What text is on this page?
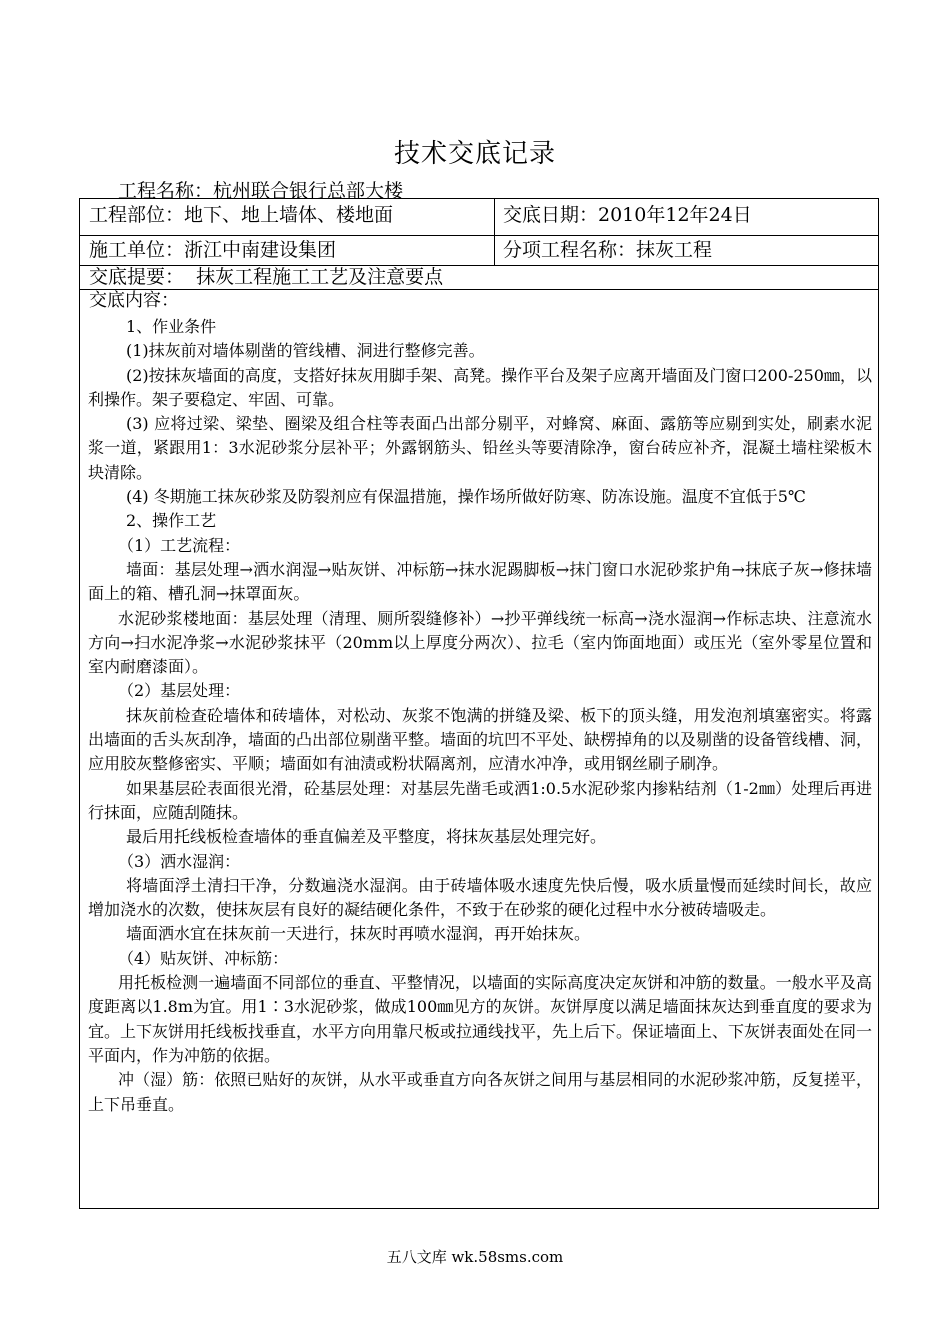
技术交底记录
工程名称：杭州联合银行总部大楼
工程部位：地下、地上墙体、楼地面	交底日期：2010年12年24日
施工单位：浙江中南建设集团	分项工程名称：抹灰工程
交底提要：  抹灰工程施工工艺及注意要点
交底内容：

1、作业条件

(1)抹灰前对墙体剔凿的管线槽、洞进行整修完善。

(2)按抹灰墙面的高度，支搭好抹灰用脚手架、高凳。操作平台及架子应离开墙面及门窗口200-250㎜，以利操作。架子要稳定、牢固、可靠。

(3) 应将过梁、梁垫、圈梁及组合柱等表面凸出部分剔平，对蜂窝、麻面、露筋等应剔到实处，刷素水泥浆一道，紧跟用1：3水泥砂浆分层补平；外露钢筋头、铅丝头等要清除净，窗台砖应补齐，混凝土墙柱梁板木块清除。

(4) 冬期施工抹灰砂浆及防裂剂应有保温措施，操作场所做好防寒、防冻设施。温度不宜低于5℃

2、操作工艺

（1）工艺流程：

墙面：基层处理→洒水润湿→贴灰饼、冲标筋→抹水泥踢脚板→抹门窗口水泥砂浆护角→抹底子灰→修抹墙面上的箱、槽孔洞→抹罩面灰。

水泥砂浆楼地面：基层处理（清理、厕所裂缝修补）→抄平弹线统一标高→浇水湿润→作标志块、注意流水方向→扫水泥净浆→水泥砂浆抹平（20mm以上厚度分两次）、拉毛（室内饰面地面）或压光（室外零星位置和室内耐磨漆面）。

（2）基层处理：

抹灰前检查砼墙体和砖墙体，对松动、灰浆不饱满的拼缝及梁、板下的顶头缝，用发泡剂填塞密实。将露出墙面的舌头灰刮净，墙面的凸出部位剔凿平整。墙面的坑凹不平处、缺楞掉角的以及剔凿的设备管线槽、洞，应用胶灰整修密实、平顺；墙面如有油渍或粉状隔离剂，应清水冲净，或用钢丝刷子刷净。

如果基层砼表面很光滑，砼基层处理：对基层先凿毛或洒1:0.5水泥砂浆内掺粘结剂（1-2㎜）处理后再进行抹面，应随刮随抹。

最后用托线板检查墙体的垂直偏差及平整度，将抹灰基层处理完好。

（3）洒水湿润：

将墙面浮土清扫干净，分数遍浇水湿润。由于砖墙体吸水速度先快后慢，吸水质量慢而延续时间长，故应增加浇水的次数，使抹灰层有良好的凝结硬化条件，不致于在砂浆的硬化过程中水分被砖墙吸走。

墙面洒水宜在抹灰前一天进行，抹灰时再喷水湿润，再开始抹灰。

（4）贴灰饼、冲标筋：

用托板检测一遍墙面不同部位的垂直、平整情况，以墙面的实际高度决定灰饼和冲筋的数量。一般水平及高度距离以1.8m为宜。用1∶3水泥砂浆，做成100㎜见方的灰饼。灰饼厚度以满足墙面抹灰达到垂直度的要求为宜。上下灰饼用托线板找垂直，水平方向用靠尺板或拉通线找平，先上后下。保证墙面上、下灰饼表面处在同一平面内，作为冲筋的依据。

冲（湿）筋：依照已贴好的灰饼，从水平或垂直方向各灰饼之间用与基层相同的水泥砂浆冲筋，反复搓平，上下吊垂直。

五八文库 wk.58sms.com
